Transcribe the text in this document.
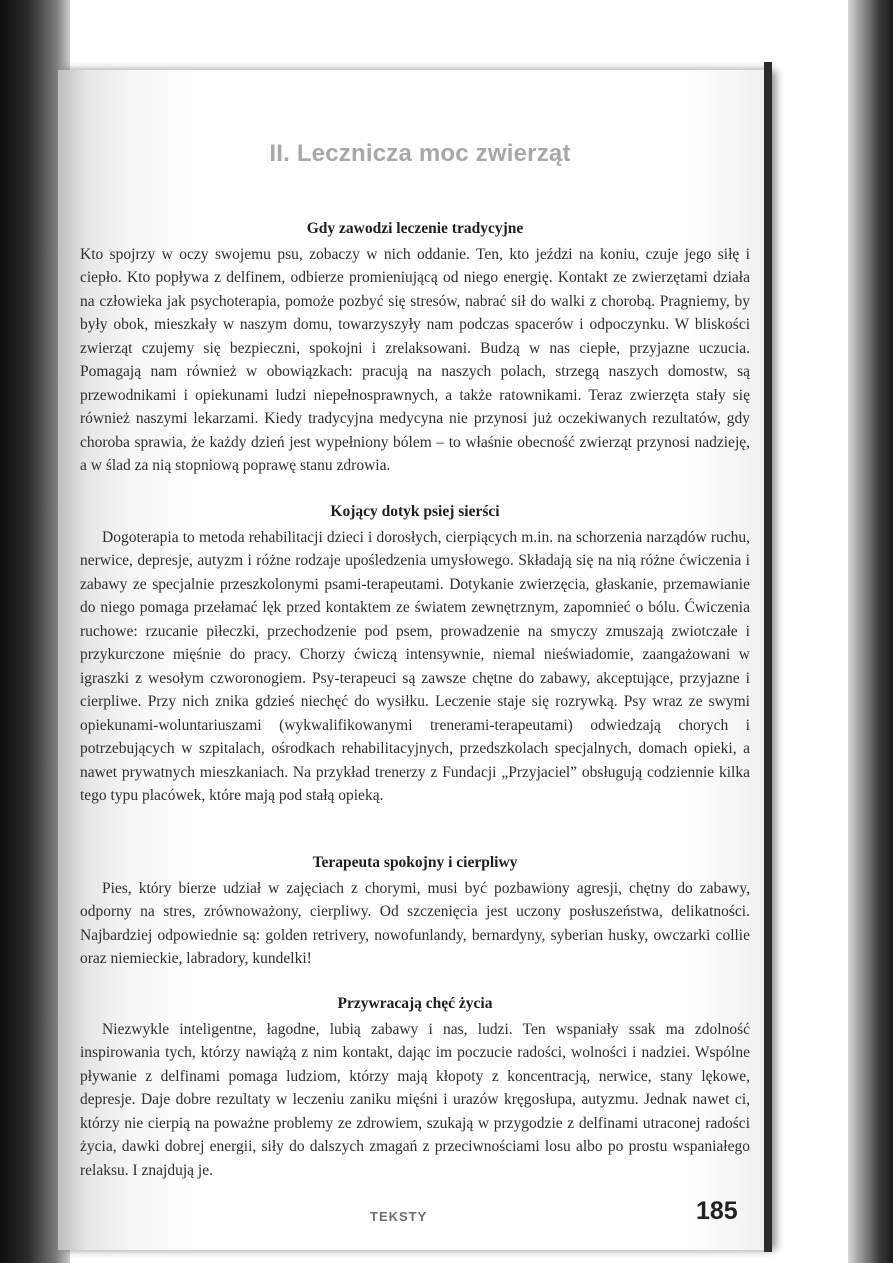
II. Lecznicza moc zwierząt
Gdy zawodzi leczenie tradycyjne

Kto spojrzy w oczy swojemu psu, zobaczy w nich oddanie. Ten, kto jeździ na koniu, czuje jego siłę i ciepło. Kto popływa z delfinem, odbierze promieniującą od niego energię. Kontakt ze zwierzętami działa na człowieka jak psychoterapia, pomoże pozbyć się stresów, nabrać sił do walki z chorobą. Pragniemy, by były obok, mieszkały w naszym domu, towarzyszyły nam podczas spacerów i odpoczynku. W bliskości zwierząt czujemy się bezpieczni, spokojni i zrelaksowani. Budzą w nas ciepłe, przyjazne uczucia. Pomagają nam również w obowiązkach: pracują na naszych polach, strzegą naszych domostw, są przewodnikami i opiekunami ludzi niepełnosprawnych, a także ratownikami. Teraz zwierzęta stały się również naszymi lekarzami. Kiedy tradycyjna medycyna nie przynosi już oczekiwanych rezultatów, gdy choroba sprawia, że każdy dzień jest wypełniony bólem – to właśnie obecność zwierząt przynosi nadzieję, a w ślad za nią stopniową poprawę stanu zdrowia.

Kojący dotyk psiej sierści

Dogoterapia to metoda rehabilitacji dzieci i dorosłych, cierpiących m.in. na schorzenia narządów ruchu, nerwice, depresje, autyzm i różne rodzaje upośledzenia umysłowego. Składają się na nią różne ćwiczenia i zabawy ze specjalnie przeszkolonymi psami-terapeutami. Dotykanie zwierzęcia, głaskanie, przemawianie do niego pomaga przełamać lęk przed kontaktem ze światem zewnętrznym, zapomnieć o bólu. Ćwiczenia ruchowe: rzucanie piłeczki, przechodzenie pod psem, prowadzenie na smyczy zmuszają zwiotczałe i przykurczone mięśnie do pracy. Chorzy ćwiczą intensywnie, niemal nieświadomie, zaangażowani w igraszki z wesołym czworonogiem. Psy-terapeuci są zawsze chętne do zabawy, akceptujące, przyjazne i cierpliwe. Przy nich znika gdzieś niechęć do wysiłku. Leczenie staje się rozrywką. Psy wraz ze swymi opiekunami-woluntariuszami (wykwalifikowanymi trenerami-terapeutami) odwiedzają chorych i potrzebujących w szpitalach, ośrodkach rehabilitacyjnych, przedszkolach specjalnych, domach opieki, a nawet prywatnych mieszkaniach. Na przykład trenerzy z Fundacji „Przyjaciel” obsługują codziennie kilka tego typu placówek, które mają pod stałą opieką.

Terapeuta spokojny i cierpliwy

Pies, który bierze udział w zajęciach z chorymi, musi być pozbawiony agresji, chętny do zabawy, odporny na stres, zrównoważony, cierpliwy. Od szczenięcia jest uczony posłuszeństwa, delikatności. Najbardziej odpowiednie są: golden retrivery, nowofunlandy, bernardyny, syberian husky, owczarki collie oraz niemieckie, labradory, kundelki!

Przywracają chęć życia

Niezwykle inteligentne, łagodne, lubią zabawy i nas, ludzi. Ten wspaniały ssak ma zdolność inspirowania tych, którzy nawiążą z nim kontakt, dając im poczucie radości, wolności i nadziei. Wspólne pływanie z delfinami pomaga ludziom, którzy mają kłopoty z koncentracją, nerwice, stany lękowe, depresje. Daje dobre rezultaty w leczeniu zaniku mięśni i urazów kręgosłupa, autyzmu. Jednak nawet ci, którzy nie cierpią na poważne problemy ze zdrowiem, szukają w przygodzie z delfinami utraconej radości życia, dawki dobrej energii, siły do dalszych zmagań z przeciwnościami losu albo po prostu wspaniałego relaksu. I znajdują je.

TEKSTY	185
